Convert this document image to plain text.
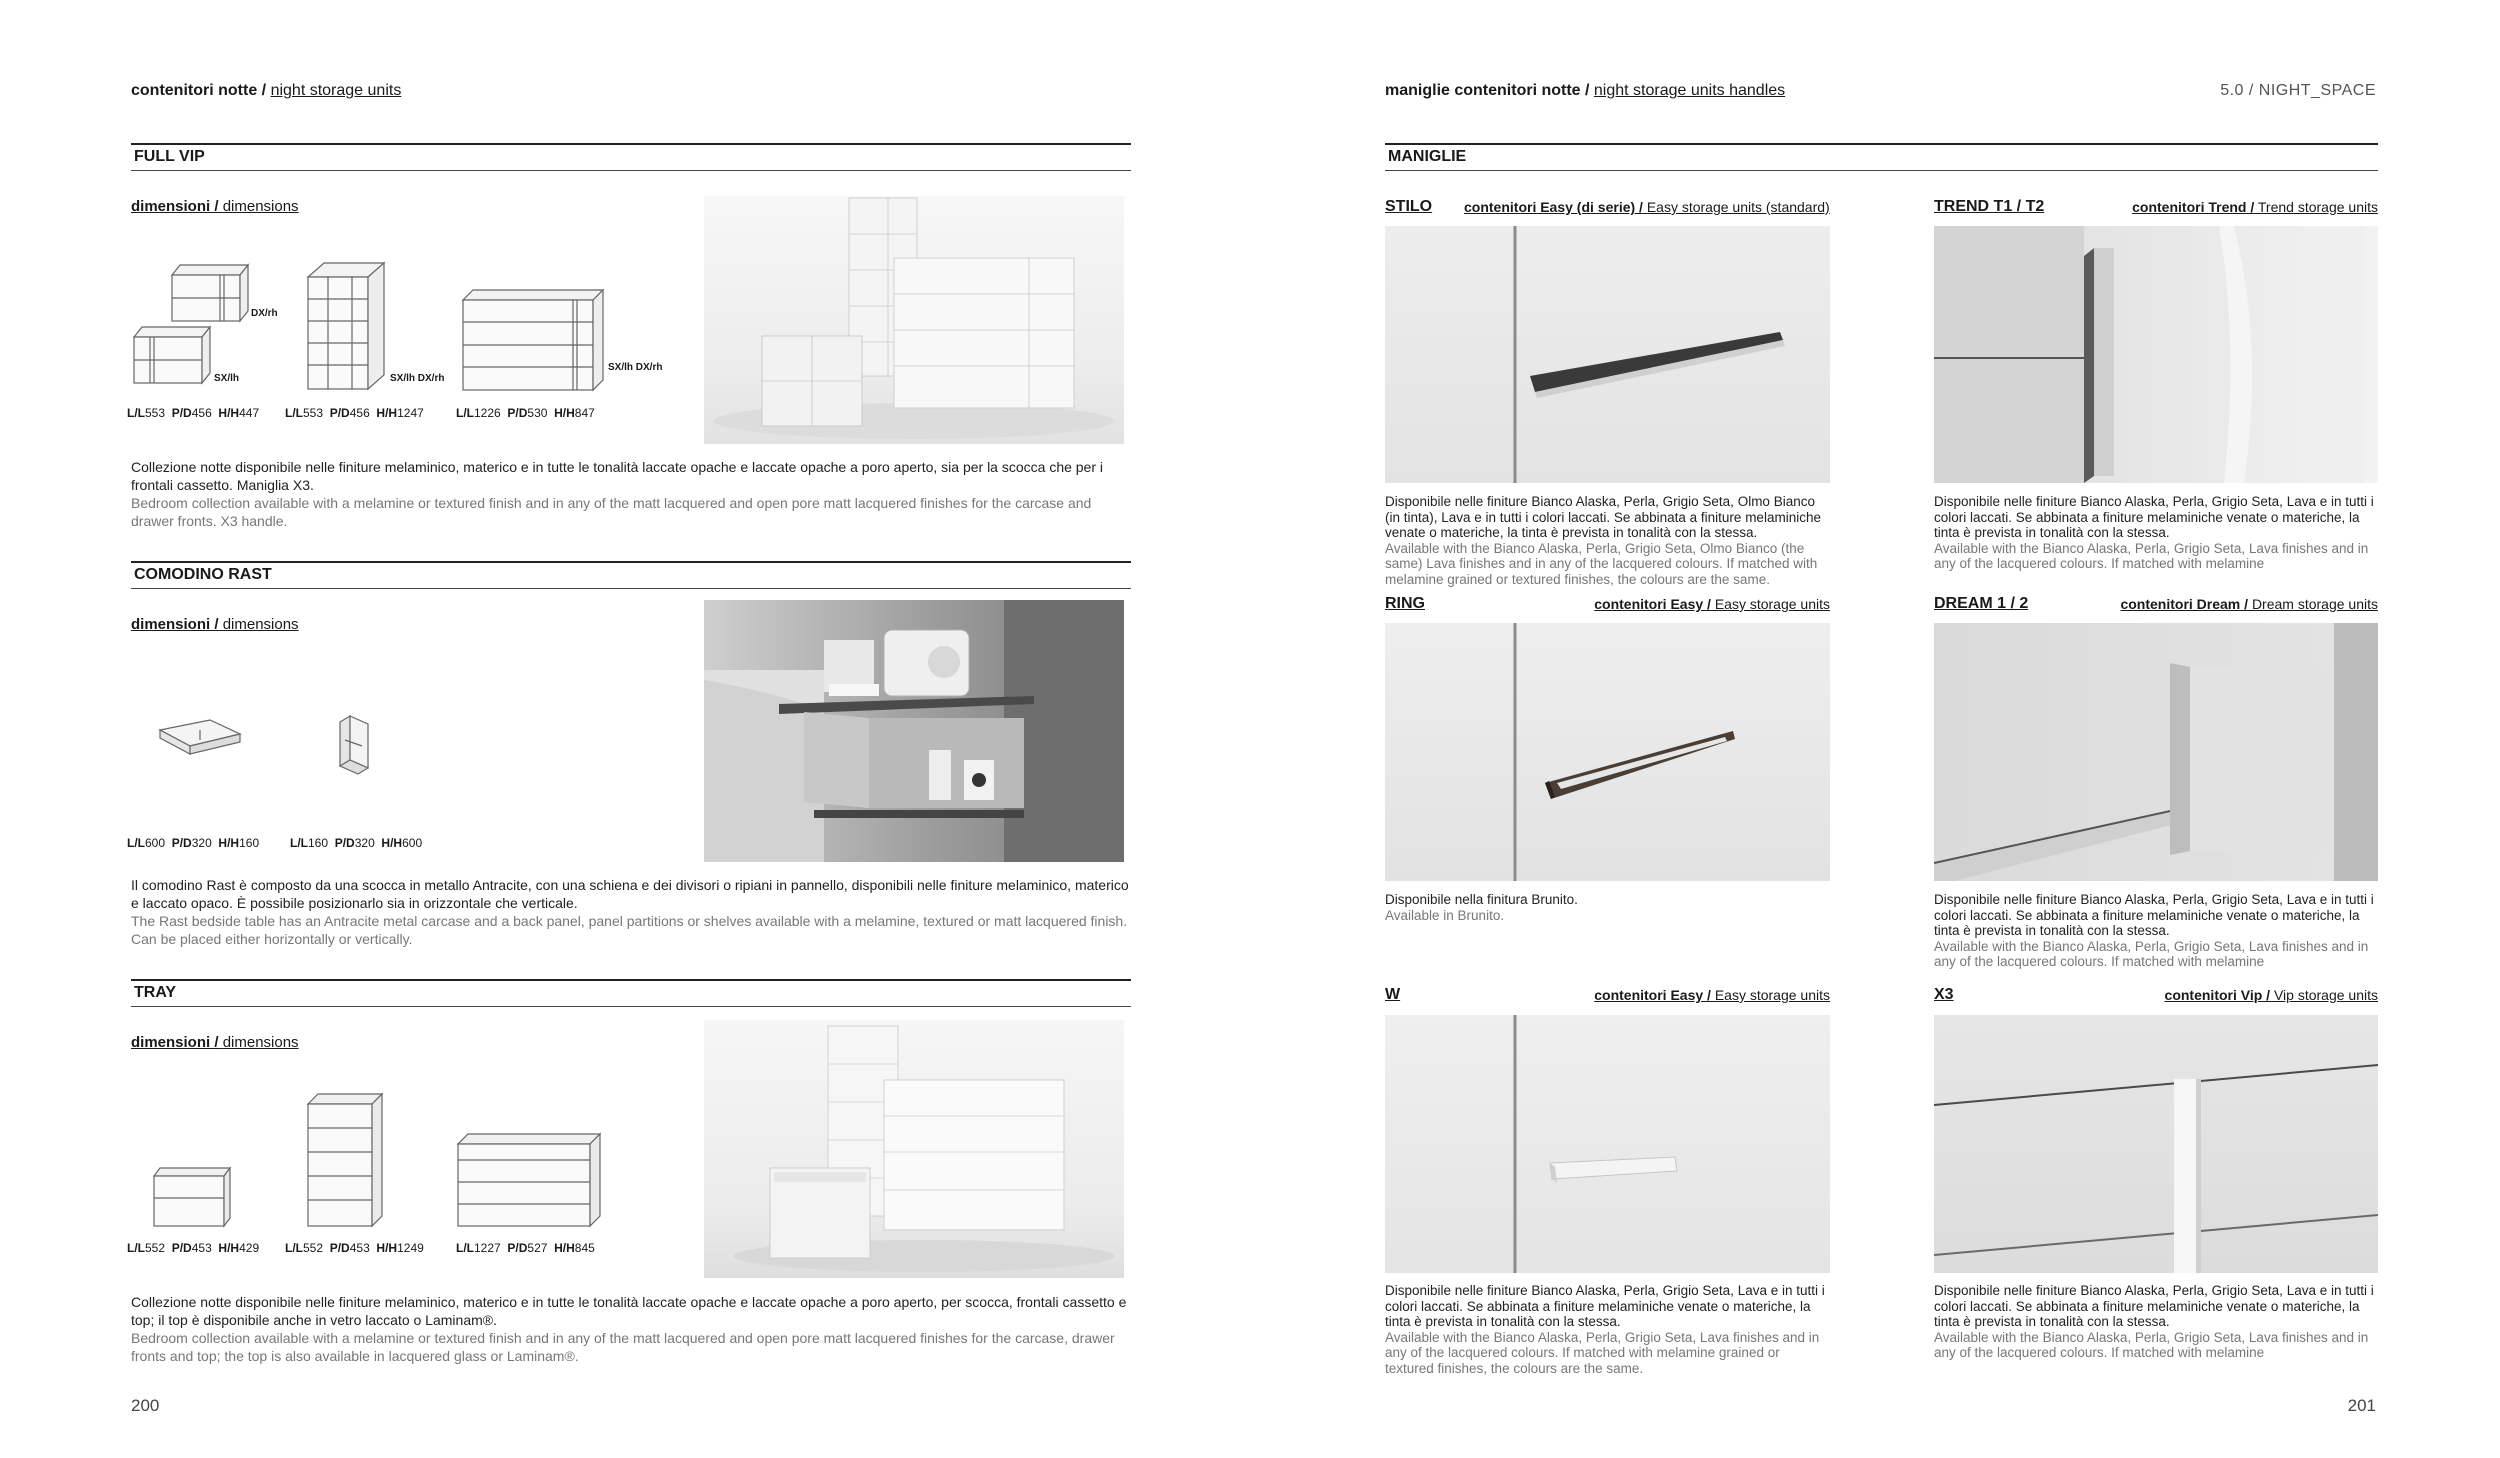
contenitori notte / night storage units
FULL VIP
dimensioni / dimensions
DX/rh
SX/lh	SX/lh DX/rh
SX/lh DX/rh
L/L553 P/D456 H/H447 L/L553 P/D456 H/H1247	L/L1226 P/D530 H/H847

Collezione notte disponibile nelle finiture melaminico, materico e in tutte le tonalità laccate opache e laccate opache a poro aperto, sia per la scocca che per i frontali cassetto. Maniglia X3.

Bedroom collection available with a melamine or textured finish and in any of the matt lacquered and open pore matt lacquered finishes for the carcase and drawer fronts. X3 handle.

COMODINO RAST
dimensioni / dimensions
L/L600 P/D320 H/H160	L/L160 P/D320 H/H600

Il comodino Rast è composto da una scocca in metallo Antracite, con una schiena e dei divisori o ripiani in pannello, disponibili nelle finiture melaminico, materico e laccato opaco. È possibile posizionarlo sia in orizzontale che verticale.

The Rast bedside table has an Antracite metal carcase and a back panel, panel partitions or shelves available with a melamine, textured or matt lacquered finish. Can be placed either horizontally or vertically.

TRAY
dimensioni / dimensions
L/L552 P/D453 H/H429 L/L552 P/D453 H/H1249	L/L1227 P/D527 H/H845

Collezione notte disponibile nelle finiture melaminico, materico e in tutte le tonalità laccate opache e laccate opache a poro aperto, per scocca, frontali cassetto e top; il top è disponibile anche in vetro laccato o Laminam®.

Bedroom collection available with a melamine or textured finish and in any of the matt lacquered and open pore matt lacquered finishes for the carcase, drawer fronts and top; the top is also available in lacquered glass or Laminam®.

200
maniglie contenitori notte / night storage units handles	5.0 / NIGHT_SPACE
MANIGLIE
STILO contenitori Easy (di serie) / Easy storage units (standard)

Disponibile nelle finiture Bianco Alaska, Perla, Grigio Seta, Olmo Bianco (in tinta), Lava e in tutti i colori laccati. Se abbinata a finiture melaminiche venate o materiche, la tinta è prevista in tonalità con la stessa.

Available with the Bianco Alaska, Perla, Grigio Seta, Olmo Bianco (the same) Lava finishes and in any of the lacquered colours. If matched with melamine grained or textured finishes, the colours are the same.

TREND T1 / T2	contenitori Trend / Trend storage units

Disponibile nelle finiture Bianco Alaska, Perla, Grigio Seta, Lava e in tutti i colori laccati. Se abbinata a finiture melaminiche venate o materiche, la tinta è prevista in tonalità con la stessa.

Available with the Bianco Alaska, Perla, Grigio Seta, Lava finishes and in any of the lacquered colours. If matched with melamine

RING	contenitori Easy / Easy storage units

Disponibile nella finitura Brunito.

Available in Brunito.

DREAM 1 / 2	contenitori Dream / Dream storage units

Disponibile nelle finiture Bianco Alaska, Perla, Grigio Seta, Lava e in tutti i colori laccati. Se abbinata a finiture melaminiche venate o materiche, la tinta è prevista in tonalità con la stessa.

Available with the Bianco Alaska, Perla, Grigio Seta, Lava finishes and in any of the lacquered colours. If matched with melamine

W	contenitori Easy / Easy storage units

Disponibile nelle finiture Bianco Alaska, Perla, Grigio Seta, Lava e in tutti i colori laccati. Se abbinata a finiture melaminiche venate o materiche, la tinta è prevista in tonalità con la stessa.

Available with the Bianco Alaska, Perla, Grigio Seta, Lava finishes and in any of the lacquered colours. If matched with melamine grained or textured finishes, the colours are the same.

X3	contenitori Vip / Vip storage units

Disponibile nelle finiture Bianco Alaska, Perla, Grigio Seta, Lava e in tutti i colori laccati. Se abbinata a finiture melaminiche venate o materiche, la tinta è prevista in tonalità con la stessa.

Available with the Bianco Alaska, Perla, Grigio Seta, Lava finishes and in any of the lacquered colours. If matched with melamine

201
